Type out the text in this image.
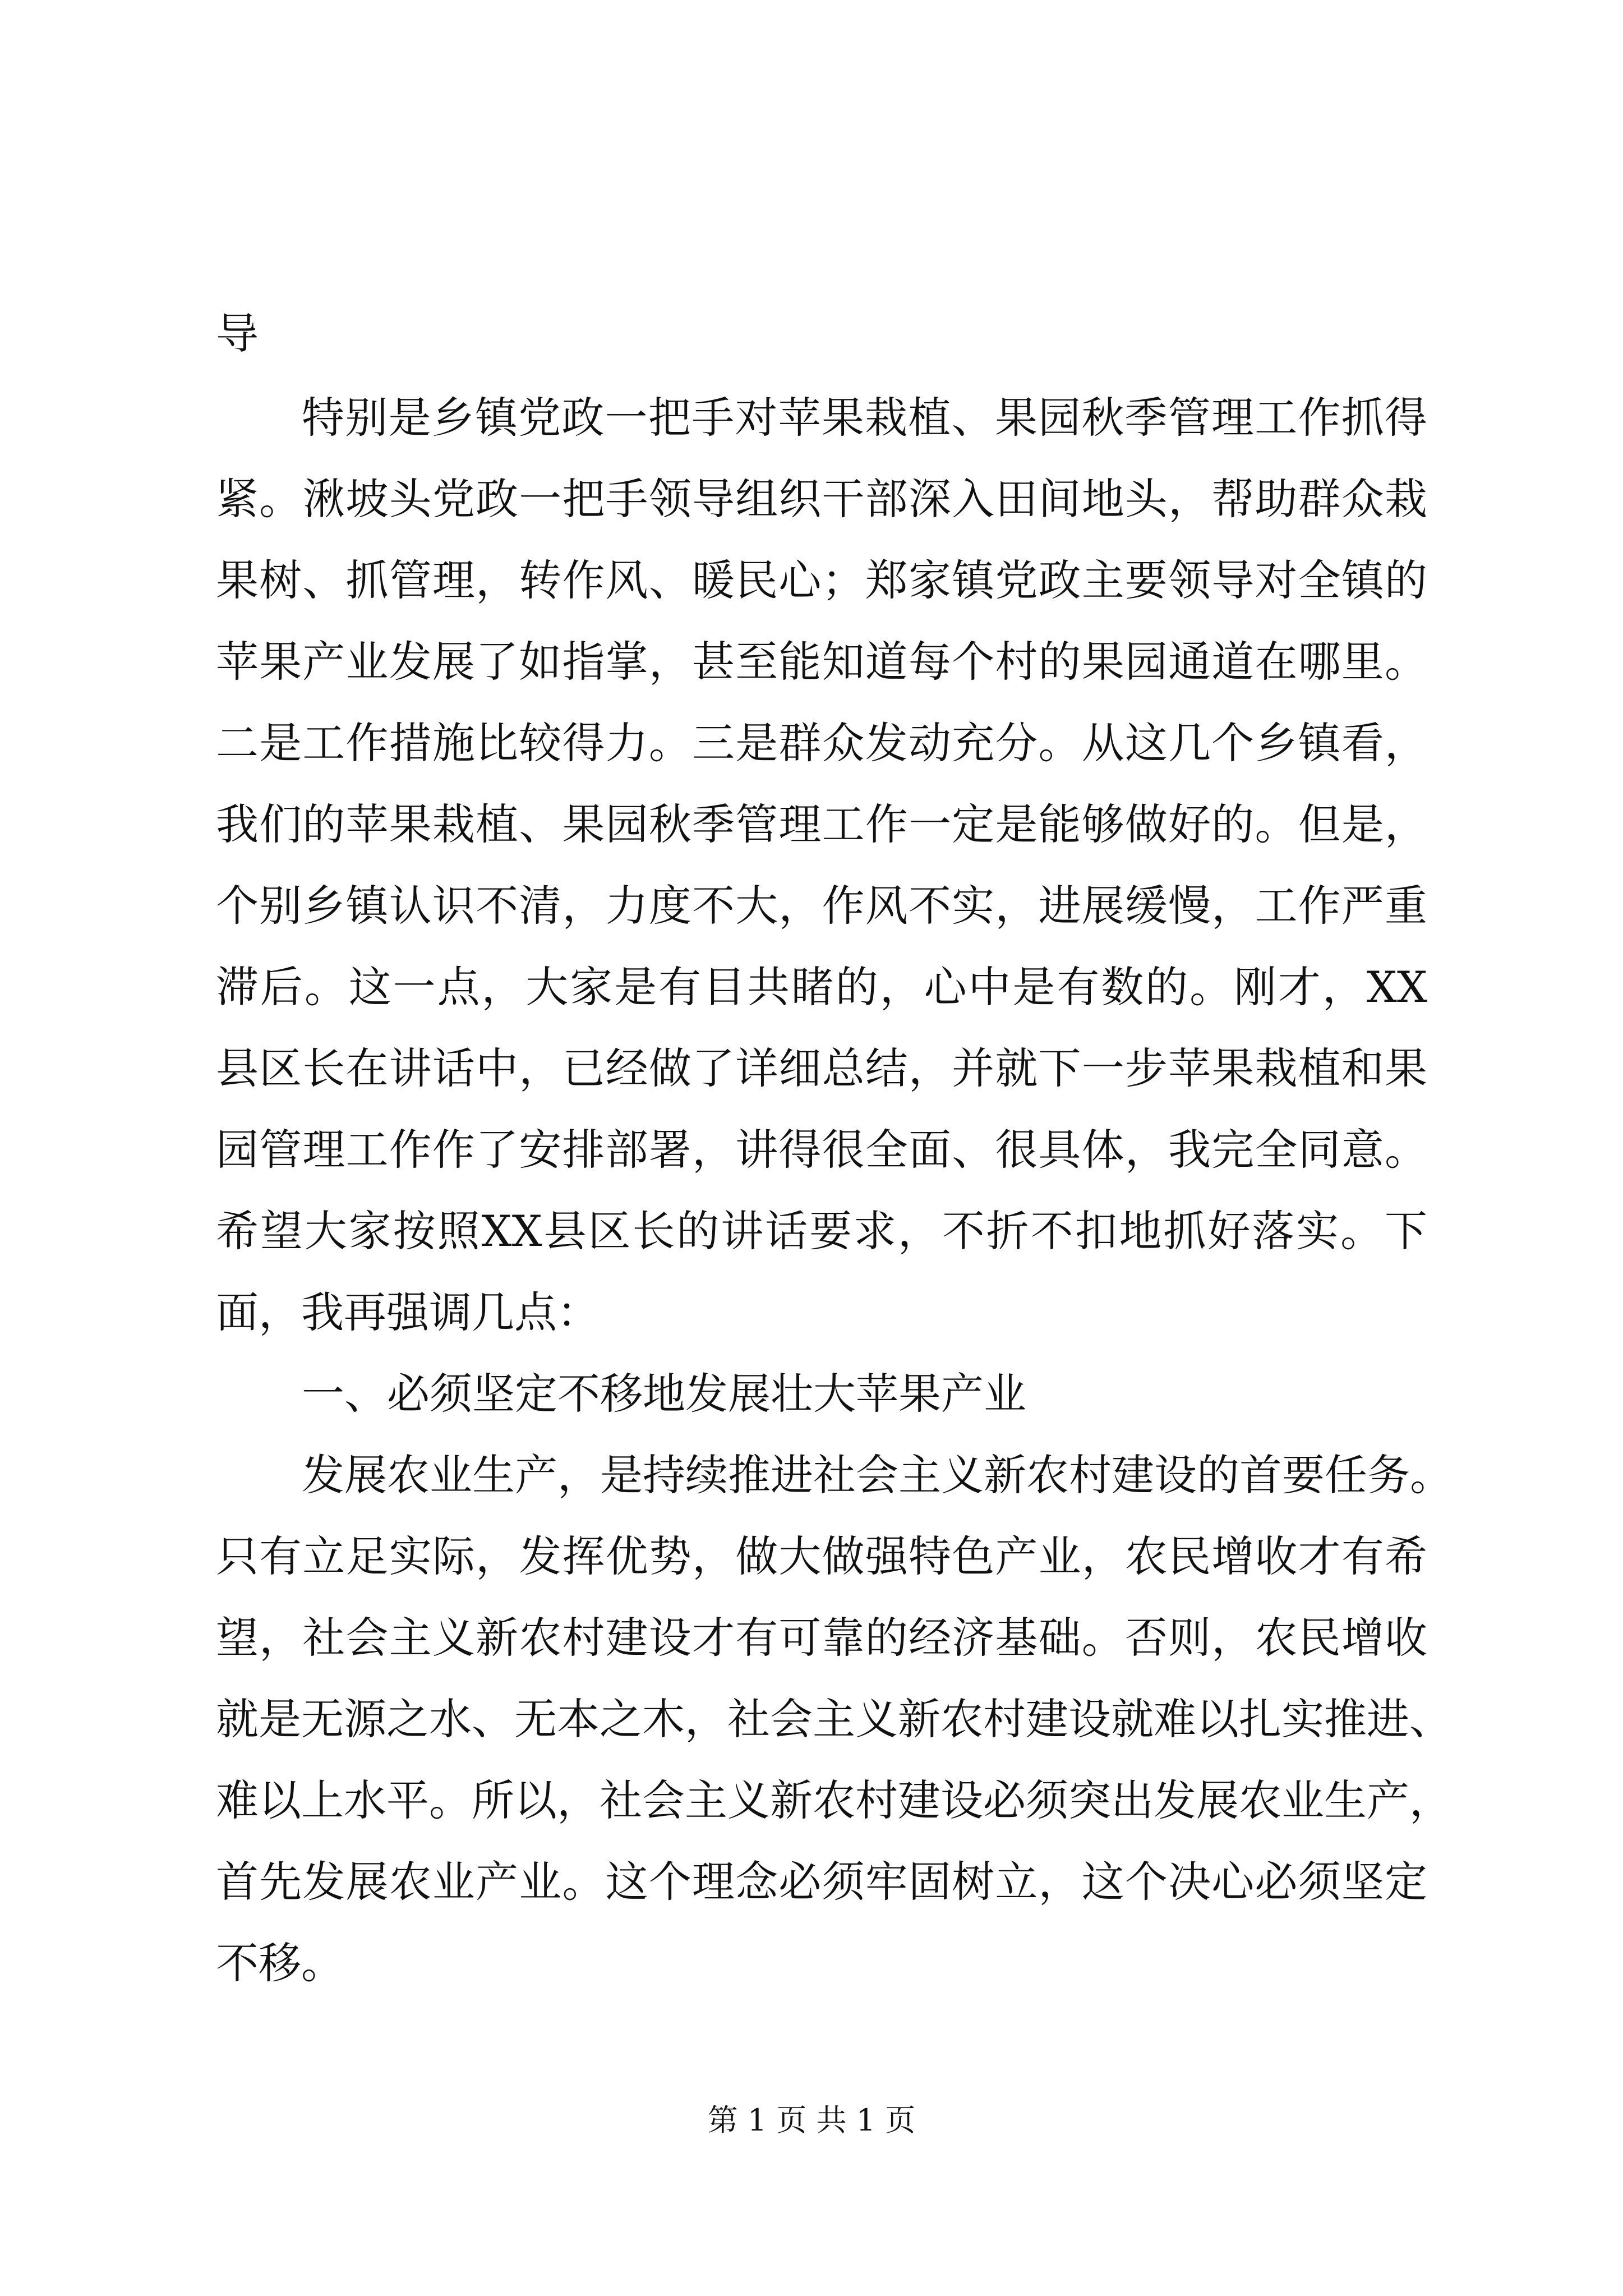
导
特别是乡镇党政一把手对苹果栽植、果园秋季管理工作抓得
紧。湫坡头党政一把手领导组织干部深入田间地头，帮助群众栽
果树、抓管理，转作风、暖民心；郑家镇党政主要领导对全镇的
苹果产业发展了如指掌，甚至能知道每个村的果园通道在哪里。
二是工作措施比较得力。三是群众发动充分。从这几个乡镇看，
我们的苹果栽植、果园秋季管理工作一定是能够做好的。但是，
个别乡镇认识不清，力度不大，作风不实，进展缓慢，工作严重
滞后。这一点，大家是有目共睹的，心中是有数的。刚才，XX
县区长在讲话中，已经做了详细总结，并就下一步苹果栽植和果
园管理工作作了安排部署，讲得很全面、很具体，我完全同意。
希望大家按照XX县区长的讲话要求，不折不扣地抓好落实。下
面，我再强调几点：
一、必须坚定不移地发展壮大苹果产业
发展农业生产，是持续推进社会主义新农村建设的首要任务。
只有立足实际，发挥优势，做大做强特色产业，农民增收才有希
望，社会主义新农村建设才有可靠的经济基础。否则，农民增收
就是无源之水、无本之木，社会主义新农村建设就难以扎实推进、
难以上水平。所以，社会主义新农村建设必须突出发展农业生产，
首先发展农业产业。这个理念必须牢固树立，这个决心必须坚定
不移。
第 1 页 共 1 页
